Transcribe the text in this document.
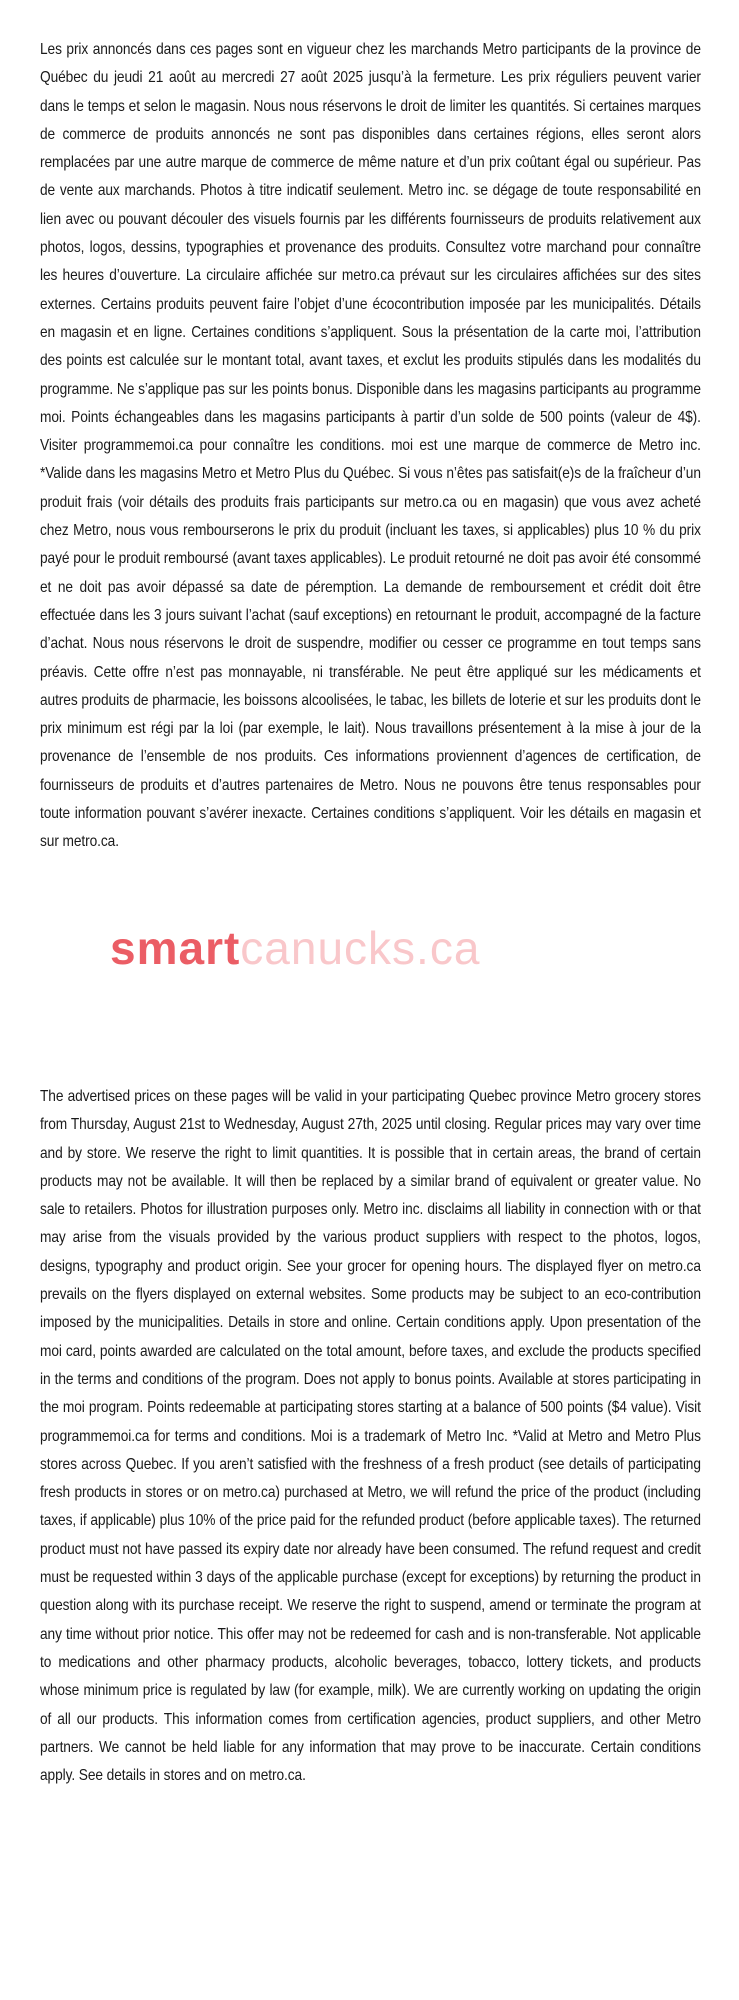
Les prix annoncés dans ces pages sont en vigueur chez les marchands Metro participants de la province de Québec du jeudi 21 août au mercredi 27 août 2025 jusqu’à la fermeture. Les prix réguliers peuvent varier dans le temps et selon le magasin. Nous nous réservons le droit de limiter les quantités. Si certaines marques de commerce de produits annoncés ne sont pas disponibles dans certaines régions, elles seront alors remplacées par une autre marque de commerce de même nature et d’un prix coûtant égal ou supérieur. Pas de vente aux marchands. Photos à titre indicatif seulement. Metro inc. se dégage de toute responsabilité en lien avec ou pouvant découler des visuels fournis par les différents fournisseurs de produits relativement aux photos, logos, dessins, typographies et provenance des produits. Consultez votre marchand pour connaître les heures d’ouverture. La circulaire affichée sur metro.ca prévaut sur les circulaires affichées sur des sites externes. Certains produits peuvent faire l’objet d’une écocontribution imposée par les municipalités. Détails en magasin et en ligne. Certaines conditions s’appliquent. Sous la présentation de la carte moi, l’attribution des points est calculée sur le montant total, avant taxes, et exclut les produits stipulés dans les modalités du programme. Ne s’applique pas sur les points bonus. Disponible dans les magasins participants au programme moi. Points échangeables dans les magasins participants à partir d’un solde de 500 points (valeur de 4$). Visiter programmemoi.ca pour connaître les conditions. moi est une marque de commerce de Metro inc. *Valide dans les magasins Metro et Metro Plus du Québec. Si vous n’êtes pas satisfait(e)s de la fraîcheur d’un produit frais (voir détails des produits frais participants sur metro.ca ou en magasin) que vous avez acheté chez Metro, nous vous rembourserons le prix du produit (incluant les taxes, si applicables) plus 10 % du prix payé pour le produit remboursé (avant taxes applicables). Le produit retourné ne doit pas avoir été consommé et ne doit pas avoir dépassé sa date de péremption. La demande de remboursement et crédit doit être effectuée dans les 3 jours suivant l’achat (sauf exceptions) en retournant le produit, accompagné de la facture d’achat. Nous nous réservons le droit de suspendre, modifier ou cesser ce programme en tout temps sans préavis. Cette offre n’est pas monnayable, ni transférable. Ne peut être appliqué sur les médicaments et autres produits de pharmacie, les boissons alcoolisées, le tabac, les billets de loterie et sur les produits dont le prix minimum est régi par la loi (par exemple, le lait). Nous travaillons présentement à la mise à jour de la provenance de l’ensemble de nos produits. Ces informations proviennent d’agences de certification, de fournisseurs de produits et d’autres partenaires de Metro. Nous ne pouvons être tenus responsables pour toute information pouvant s’avérer inexacte. Certaines conditions s’appliquent. Voir les détails en magasin et sur metro.ca.

The advertised prices on these pages will be valid in your participating Quebec province Metro grocery stores from Thursday, August 21st to Wednesday, August 27th, 2025 until closing. Regular prices may vary over time and by store. We reserve the right to limit quantities. It is possible that in certain areas, the brand of certain products may not be available. It will then be replaced by a similar brand of equivalent or greater value. No sale to retailers. Photos for illustration purposes only. Metro inc. disclaims all liability in connection with or that may arise from the visuals provided by the various product suppliers with respect to the photos, logos, designs, typography and product origin. See your grocer for opening hours. The displayed flyer on metro.ca prevails on the flyers displayed on external websites. Some products may be subject to an eco-contribution imposed by the municipalities. Details in store and online. Certain conditions apply. Upon presentation of the moi card, points awarded are calculated on the total amount, before taxes, and exclude the products specified in the terms and conditions of the program. Does not apply to bonus points. Available at stores participating in the moi program. Points redeemable at participating stores starting at a balance of 500 points ($4 value). Visit programmemoi.ca for terms and conditions. Moi is a trademark of Metro Inc. *Valid at Metro and Metro Plus stores across Quebec. If you aren’t satisfied with the freshness of a fresh product (see details of participating fresh products in stores or on metro.ca) purchased at Metro, we will refund the price of the product (including taxes, if applicable) plus 10% of the price paid for the refunded product (before applicable taxes). The returned product must not have passed its expiry date nor already have been consumed. The refund request and credit must be requested within 3 days of the applicable purchase (except for exceptions) by returning the product in question along with its purchase receipt. We reserve the right to suspend, amend or terminate the program at any time without prior notice. This offer may not be redeemed for cash and is non-transferable. Not applicable to medications and other pharmacy products, alcoholic beverages, tobacco, lottery tickets, and products whose minimum price is regulated by law (for example, milk). We are currently working on updating the origin of all our products. This information comes from certification agencies, product suppliers, and other Metro partners. We cannot be held liable for any information that may prove to be inaccurate. Certain conditions apply. See details in stores and on metro.ca.

smartcanucks.ca
